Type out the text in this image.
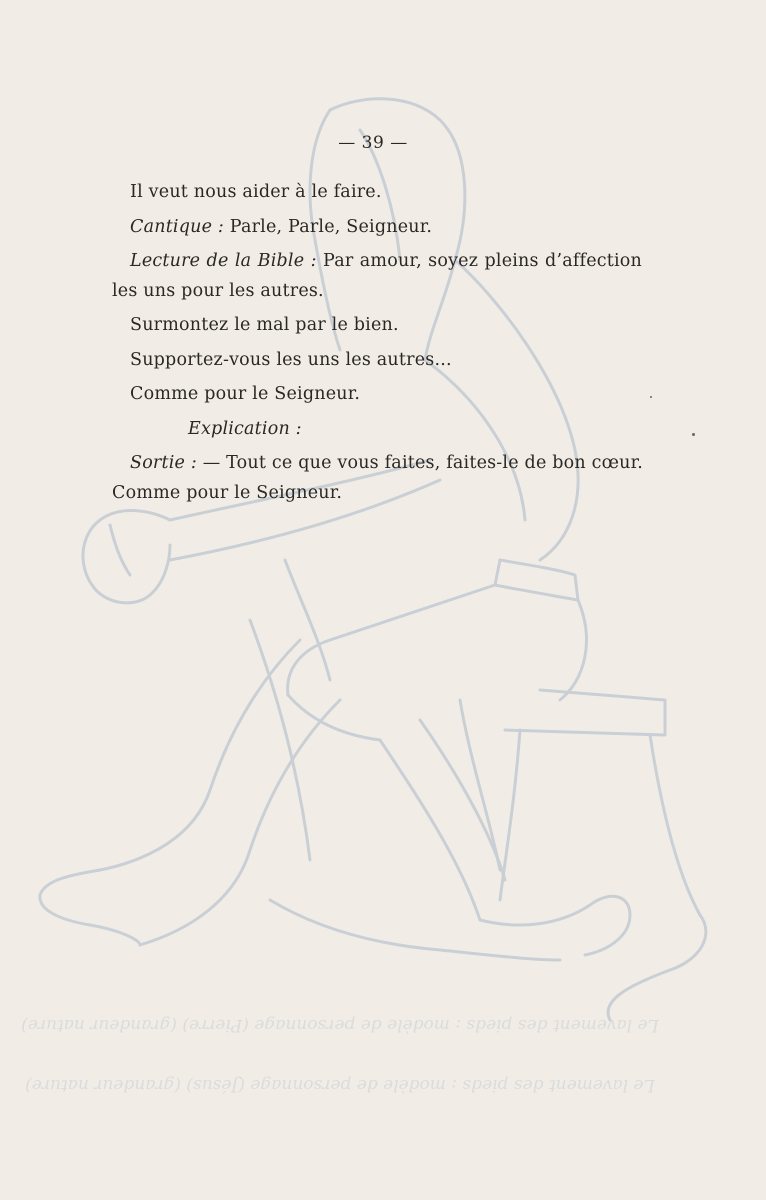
Le lavement des pieds : modèle de personnage (Pierre) (grandeur nature)
Le lavement des pieds : modèle de personnage (Jésus) (grandeur nature)
— 39 —
Il veut nous aider à le faire.
Cantique : Parle, Parle, Seigneur.
Lecture de la Bible : Par amour, soyez pleins d’affection
les uns pour les autres.
Surmontez le mal par le bien.
Supportez-vous les uns les autres...
Comme pour le Seigneur.
Explication :
Sortie : — Tout ce que vous faites, faites-le de bon cœur.
Comme pour le Seigneur.
